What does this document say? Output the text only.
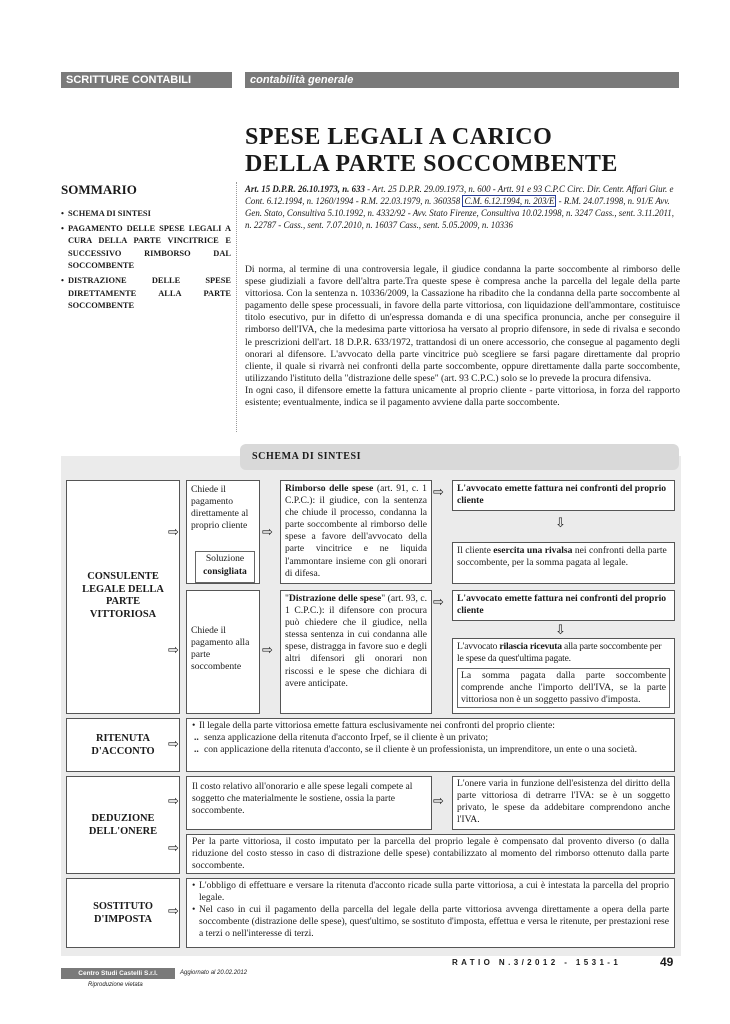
SCRITTURE CONTABILI	contabilità generale
SPESE LEGALI A CARICO
DELLA PARTE SOCCOMBENTE
SOMMARIO
• SCHEMA DI SINTESI
• PAGAMENTO DELLE SPESE LEGALI A CURA DELLA PARTE VINCITRICE E SUCCESSIVO RIMBORSO DAL SOCCOMBENTE
• DISTRAZIONE DELLE SPESE DIRETTAMENTE ALLA PARTE SOCCOMBENTE
Art. 15 D.P.R. 26.10.1973, n. 633 - Art. 25 D.P.R. 29.09.1973, n. 600 - Artt. 91 e 93 C.P.C Circ. Dir. Centr. Affari Giur. e Cont. 6.12.1994, n. 1260/1994 - R.M. 22.03.1979, n. 360358 C.M. 6.12.1994, n. 203/E - R.M. 24.07.1998, n. 91/E Avv. Gen. Stato, Consultiva 5.10.1992, n. 4332/92 - Avv. Stato Firenze, Consultiva 10.02.1998, n. 3247 Cass., sent. 3.11.2011, n. 22787 - Cass., sent. 7.07.2010, n. 16037 Cass., sent. 5.05.2009, n. 10336
Di norma, al termine di una controversia legale, il giudice condanna la parte soccombente al rimborso delle spese giudiziali a favore dell'altra parte.Tra queste spese è compresa anche la parcella del legale della parte vittoriosa. Con la sentenza n. 10336/2009, la Cassazione ha ribadito che la condanna della parte soccombente al pagamento delle spese processuali, in favore della parte vittoriosa, con liquidazione dell'ammontare, costituisce titolo esecutivo, pur in difetto di un'espressa domanda e di una specifica pronuncia, anche per conseguire il rimborso dell'IVA, che la medesima parte vittoriosa ha versato al proprio difensore, in sede di rivalsa e secondo le prescrizioni dell'art. 18 D.P.R. 633/1972, trattandosi di un onere accessorio, che consegue al pagamento degli onorari al difensore. L'avvocato della parte vincitrice può scegliere se farsi pagare direttamente dal proprio cliente, il quale si rivarrà nei confronti della parte soccombente, oppure direttamente dalla parte soccombente, utilizzando l'istituto della "distrazione delle spese" (art. 93 C.P.C.) solo se lo prevede la procura difensiva.
In ogni caso, il difensore emette la fattura unicamente al proprio cliente - parte vittoriosa, in forza del rapporto esistente; eventualmente, indica se il pagamento avviene dalla parte soccombente.
SCHEMA DI SINTESI
CONSULENTE LEGALE DELLA PARTE VITTORIOSA
⇨
Chiede il pagamento direttamente al proprio cliente
Soluzione
consigliata
⇨
Rimborso delle spese (art. 91, c. 1 C.P.C.): il giudice, con la sentenza che chiude il processo, condanna la parte soccombente al rimborso delle spese a favore dell'avvocato della parte vincitrice e ne liquida l'ammontare insieme con gli onorari di difesa.
⇨	L'avvocato emette fattura nei confronti del proprio cliente
⇩
Il cliente esercita una rivalsa nei confronti della parte soccombente, per la somma pagata al legale.
⇨
Chiede il pagamento alla parte soccombente
⇨
"Distrazione delle spese" (art. 93, c. 1 C.P.C.): il difensore con procura può chiedere che il giudice, nella stessa sentenza in cui condanna alle spese, distragga in favore suo e degli altri difensori gli onorari non riscossi e le spese che dichiara di avere anticipate.
⇨	L'avvocato emette fattura nei confronti del proprio cliente
⇩
L'avvocato rilascia ricevuta alla parte soccombente per le spese da quest'ultima pagate.
La somma pagata dalla parte soccombente comprende anche l'importo dell'IVA, se la parte vittoriosa non è un soggetto passivo d'imposta.
RITENUTA D'ACCONTO	⇨
• Il legale della parte vittoriosa emette fattura esclusivamente nei confronti del proprio cliente:
.. senza applicazione della ritenuta d'acconto Irpef, se il cliente è un privato;
.. con applicazione della ritenuta d'acconto, se il cliente è un professionista, un imprenditore, un ente o una società.
DEDUZIONE DELL'ONERE
⇨
Il costo relativo all'onorario e alle spese legali compete al soggetto che materialmente le sostiene, ossia la parte soccombente.
⇨
L'onere varia in funzione dell'esistenza del diritto della parte vittoriosa di detrarre l'IVA: se è un soggetto privato, le spese da addebitare comprendono anche l'IVA.
⇨	Per la parte vittoriosa, il costo imputato per la parcella del proprio legale è compensato dal provento diverso (o dalla riduzione del costo stesso in caso di distrazione delle spese) contabilizzato al momento del rimborso ottenuto dalla parte soccombente.
SOSTITUTO D'IMPOSTA	⇨
• L'obbligo di effettuare e versare la ritenuta d'acconto ricade sulla parte vittoriosa, a cui è intestata la parcella del proprio legale.
• Nel caso in cui il pagamento della parcella del legale della parte vittoriosa avvenga direttamente a opera della parte soccombente (distrazione delle spese), quest'ultimo, se sostituto d'imposta, effettua e versa le ritenute, per prestazioni rese a terzi o nell'interesse di terzi.
RATIO N.3/2012 - 1531-1	49
Centro Studi Castelli S.r.l.	Aggiornato al 20.02.2012
Riproduzione vietata
